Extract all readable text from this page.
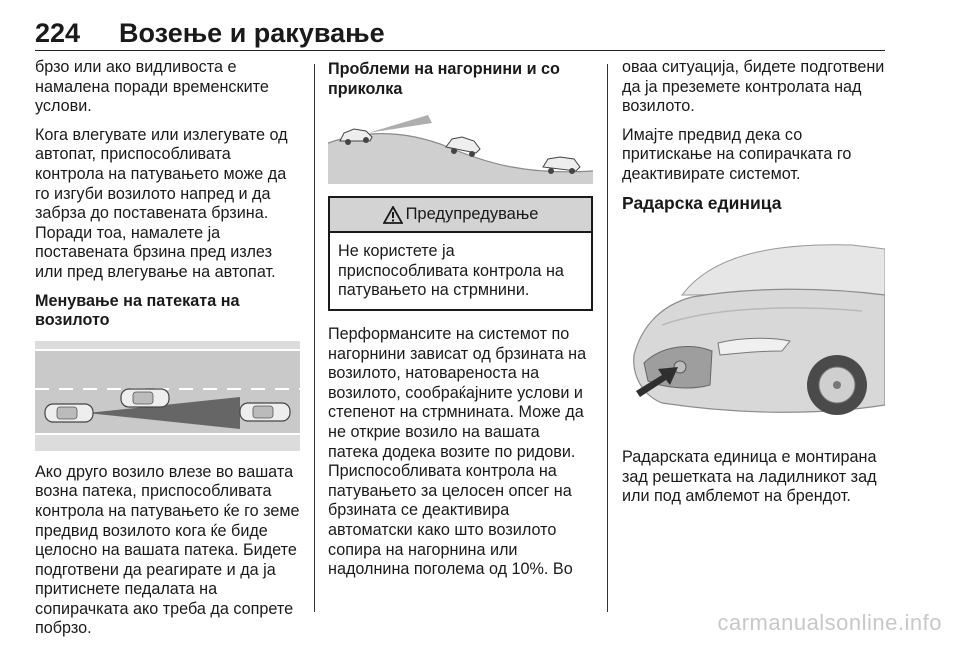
224 Возење и ракување

брзо или ако видливоста е намалена поради временските услови.

Кога влегувате или излегувате од автопат, приспособливата контрола на патувањето може да го изгуби возилото напред и да забрза до поставената брзина. Поради тоа, намалете ја поставената брзина пред излез или пред влегување на автопат.

Менување на патеката на возилото

Ако друго возило влезе во вашата возна патека, приспособливата контрола на патувањето ќе го земе предвид возилото кога ќе биде целосно на вашата патека. Бидете подготвени да реагирате и да ја притиснете педалата на сопирачката ако треба да сопрете побрзо.

Проблеми на нагорнини и со приколка
Предупредување
Не користете ја приспособливата контрола на патувањето на стрмнини.

Перформансите на системот по нагорнини зависат од брзината на возилото, натовареноста на возилото, сообраќајните услови и степенот на стрмнината. Може да не открие возило на вашата патека додека возите по ридови. Приспособливата контрола на патувањето за целосен опсег на брзината се деактивира автоматски како што возилото сопира на нагорнина или надолнина поголема од 10%. Во

оваа ситуација, бидете подготвени да ја преземете контролата над возилото.

Имајте предвид дека со притискање на сопирачката го деактивирате системот.

Радарска единица

Радарската единица е монтирана зад решетката на ладилникот зад или под амблемот на брендот.

carmanualsonline.info
